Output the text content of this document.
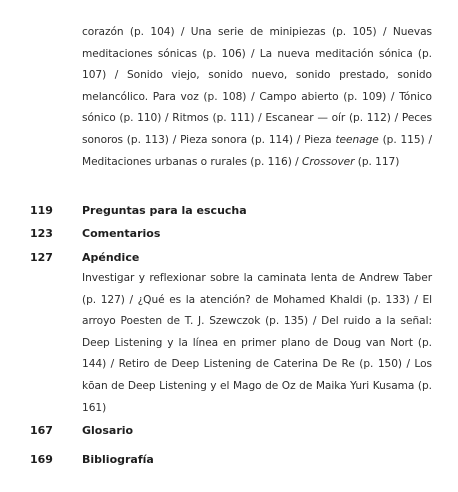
corazón (p. 104) / Una serie de minipiezas (p. 105) / Nuevas meditaciones sónicas (p. 106) / La nueva meditación sónica (p. 107) / Sonido viejo, sonido nuevo, sonido prestado, sonido melancólico. Para voz (p. 108) / Campo abierto (p. 109) / Tónico sónico (p. 110) / Ritmos (p. 111) / Escanear — oír (p. 112) / Peces sonoros (p. 113) / Pieza sonora (p. 114) / Pieza teenage (p. 115) / Meditaciones urbanas o rurales (p. 116) / Crossover (p. 117)
119	Preguntas para la escucha
123	Comentarios
127	Apéndice
Investigar y reflexionar sobre la caminata lenta de Andrew Taber (p. 127) / ¿Qué es la atención? de Mohamed Khaldi (p. 133) / El arroyo Poesten de T. J. Szewczok (p. 135) / Del ruido a la señal: Deep Listening y la línea en primer plano de Doug van Nort (p. 144) / Retiro de Deep Listening de Caterina De Re (p. 150) / Los kōan de Deep Listening y el Mago de Oz de Maika Yuri Kusama (p. 161)
167	Glosario
169	Bibliografía
